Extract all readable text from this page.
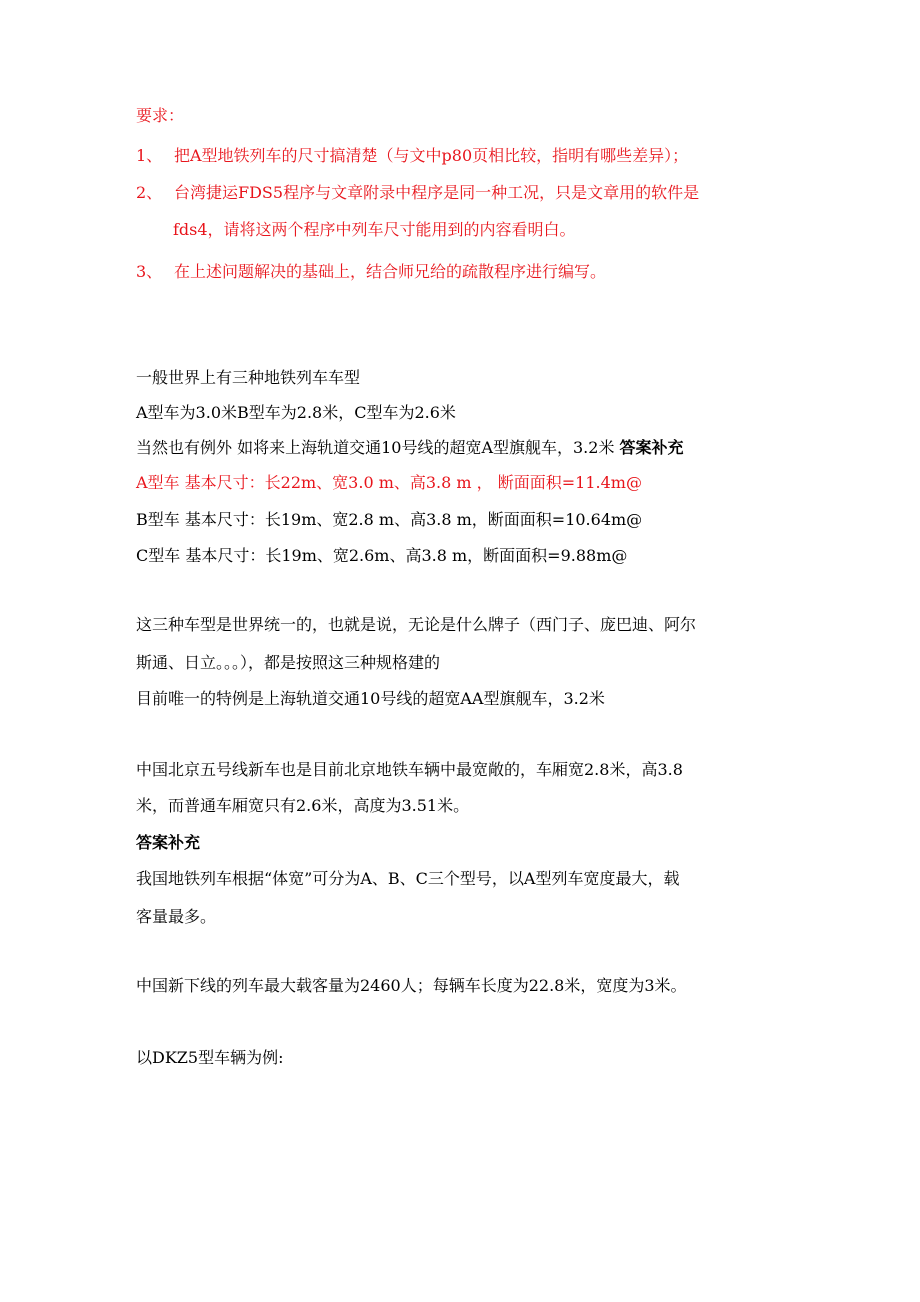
要求：
1、 把A型地铁列车的尺寸搞清楚（与文中p80页相比较，指明有哪些差异）；
2、 台湾捷运FDS5程序与文章附录中程序是同一种工况，只是文章用的软件是
fds4，请将这两个程序中列车尺寸能用到的内容看明白。
3、 在上述问题解决的基础上，结合师兄给的疏散程序进行编写。
一般世界上有三种地铁列车车型
A型车为3.0米B型车为2.8米，C型车为2.6米
当然也有例外 如将来上海轨道交通10号线的超宽A型旗舰车，3.2米 答案补充
A型车 基本尺寸：长22m、宽3.0 m、高3.8 m ， 断面面积=11.4m@
B型车 基本尺寸：长19m、宽2.8 m、高3.8 m，断面面积=10.64m@
C型车 基本尺寸：长19m、宽2.6m、高3.8 m，断面面积=9.88m@
这三种车型是世界统一的，也就是说，无论是什么牌子（西门子、庞巴迪、阿尔
斯通、日立。。。），都是按照这三种规格建的
目前唯一的特例是上海轨道交通10号线的超宽AA型旗舰车，3.2米
中国北京五号线新车也是目前北京地铁车辆中最宽敞的，车厢宽2.8米，高3.8
米，而普通车厢宽只有2.6米，高度为3.51米。
答案补充
我国地铁列车根据“体宽”可分为A、B、C三个型号，以A型列车宽度最大，载
客量最多。
中国新下线的列车最大载客量为2460人；每辆车长度为22.8米，宽度为3米。
以DKZ5型车辆为例:
